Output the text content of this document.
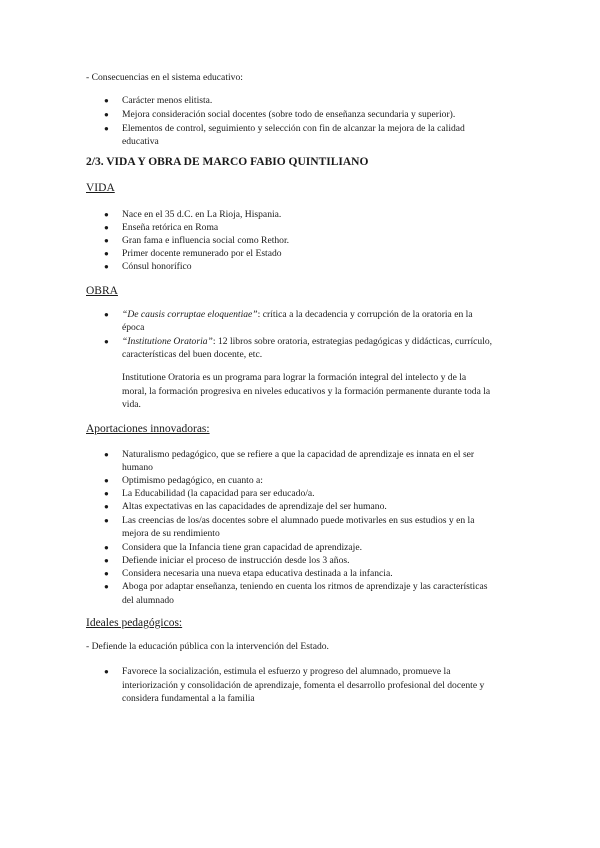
- Consecuencias en el sistema educativo:
● Carácter menos elitista.
● Mejora consideración social docentes (sobre todo de enseñanza secundaria y superior).
● Elementos de control, seguimiento y selección con fin de alcanzar la mejora de la calidad
educativa
2/3. VIDA Y OBRA DE MARCO FABIO QUINTILIANO
VIDA
● Nace en el 35 d.C. en La Rioja, Hispania.
● Enseña retórica en Roma
● Gran fama e influencia social como Rethor.
● Primer docente remunerado por el Estado
● Cónsul honorífico
OBRA
● “De causis corruptae eloquentiae”: crítica a la decadencia y corrupción de la oratoria en la
época
● “Institutione Oratoria”: 12 libros sobre oratoria, estrategias pedagógicas y didácticas, currículo,
características del buen docente, etc.
Institutione Oratoria es un programa para lograr la formación integral del intelecto y de la
moral, la formación progresiva en niveles educativos y la formación permanente durante toda la
vida.
Aportaciones innovadoras:
● Naturalismo pedagógico, que se refiere a que la capacidad de aprendizaje es innata en el ser
humano
● Optimismo pedagógico, en cuanto a:
● La Educabilidad (la capacidad para ser educado/a.
● Altas expectativas en las capacidades de aprendizaje del ser humano.
● Las creencias de los/as docentes sobre el alumnado puede motivarles en sus estudios y en la
mejora de su rendimiento
● Considera que la Infancia tiene gran capacidad de aprendizaje.
● Defiende iniciar el proceso de instrucción desde los 3 años.
● Considera necesaria una nueva etapa educativa destinada a la infancia.
● Aboga por adaptar enseñanza, teniendo en cuenta los ritmos de aprendizaje y las características
del alumnado
Ideales pedagógicos:
- Defiende la educación pública con la intervención del Estado.
● Favorece la socialización, estimula el esfuerzo y progreso del alumnado, promueve la
interiorización y consolidación de aprendizaje, fomenta el desarrollo profesional del docente y
considera fundamental a la familia
